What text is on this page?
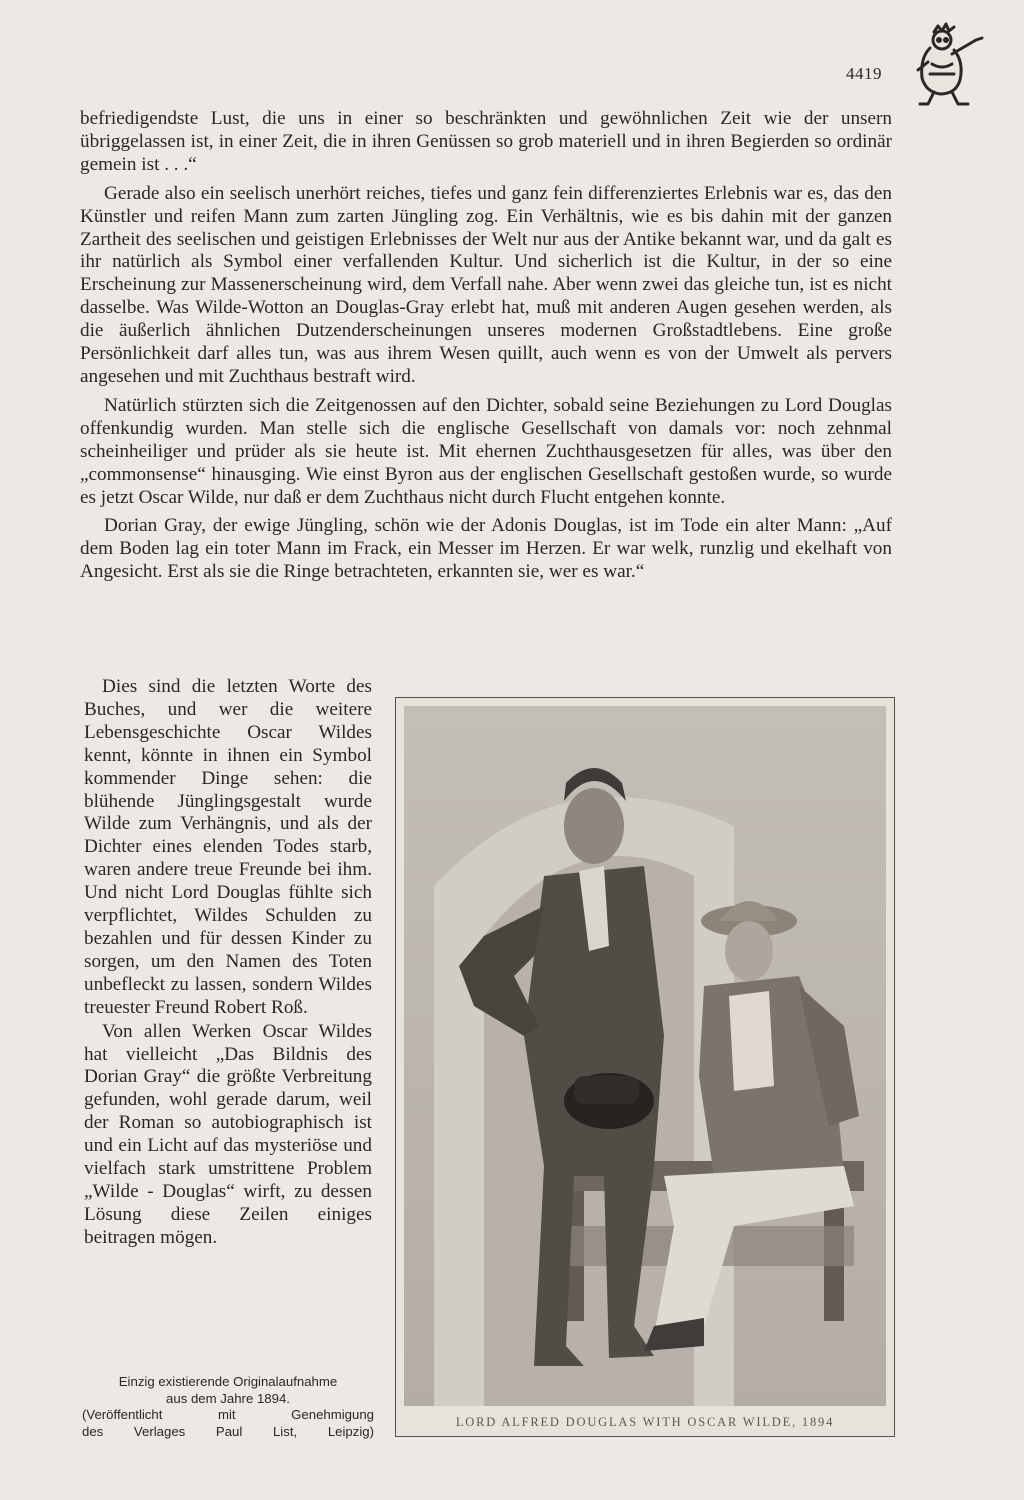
4419

befriedigendste Lust, die uns in einer so beschränkten und gewöhnlichen Zeit wie der unsern übriggelassen ist, in einer Zeit, die in ihren Genüssen so grob materiell und in ihren Begierden so ordinär gemein ist . . .“

Gerade also ein seelisch unerhört reiches, tiefes und ganz fein differenziertes Erlebnis war es, das den Künstler und reifen Mann zum zarten Jüngling zog. Ein Verhältnis, wie es bis dahin mit der ganzen Zartheit des seelischen und geistigen Erlebnisses der Welt nur aus der Antike bekannt war, und da galt es ihr natürlich als Symbol einer verfallenden Kultur. Und sicherlich ist die Kultur, in der so eine Erscheinung zur Massenerscheinung wird, dem Verfall nahe. Aber wenn zwei das gleiche tun, ist es nicht dasselbe. Was Wilde-Wotton an Douglas-Gray erlebt hat, muß mit anderen Augen gesehen werden, als die äußerlich ähnlichen Dutzenderscheinungen unseres modernen Großstadtlebens. Eine große Persönlichkeit darf alles tun, was aus ihrem Wesen quillt, auch wenn es von der Umwelt als pervers angesehen und mit Zuchthaus bestraft wird.

Natürlich stürzten sich die Zeitgenossen auf den Dichter, sobald seine Beziehungen zu Lord Douglas offenkundig wurden. Man stelle sich die englische Gesellschaft von damals vor: noch zehnmal scheinheiliger und prüder als sie heute ist. Mit ehernen Zuchthausgesetzen für alles, was über den „commonsense“ hinausging. Wie einst Byron aus der englischen Gesellschaft gestoßen wurde, so wurde es jetzt Oscar Wilde, nur daß er dem Zuchthaus nicht durch Flucht entgehen konnte.

Dorian Gray, der ewige Jüngling, schön wie der Adonis Douglas, ist im Tode ein alter Mann: „Auf dem Boden lag ein toter Mann im Frack, ein Messer im Herzen. Er war welk, runzlig und ekelhaft von Angesicht. Erst als sie die Ringe betrachteten, erkannten sie, wer es war.“

Dies sind die letzten Worte des Buches, und wer die weitere Lebensgeschichte Oscar Wildes kennt, könnte in ihnen ein Symbol kommender Dinge sehen: die blühende Jünglingsgestalt wurde Wilde zum Verhängnis, und als der Dichter eines elenden Todes starb, waren andere treue Freunde bei ihm. Und nicht Lord Douglas fühlte sich verpflichtet, Wildes Schulden zu bezahlen und für dessen Kinder zu sorgen, um den Namen des Toten unbefleckt zu lassen, sondern Wildes treuester Freund Robert Roß.

Von allen Werken Oscar Wildes hat vielleicht „Das Bildnis des Dorian Gray“ die größte Verbreitung gefunden, wohl gerade darum, weil der Roman so autobiographisch ist und ein Licht auf das mysteriöse und vielfach stark umstrittene Problem „Wilde - Douglas“ wirft, zu dessen Lösung diese Zeilen einiges beitragen mögen.

Einzig existierende Originalaufnahme
aus dem Jahre 1894.
(Veröffentlicht mit Genehmigung
des Verlages Paul List, Leipzig)
LORD ALFRED DOUGLAS WITH OSCAR WILDE, 1894
